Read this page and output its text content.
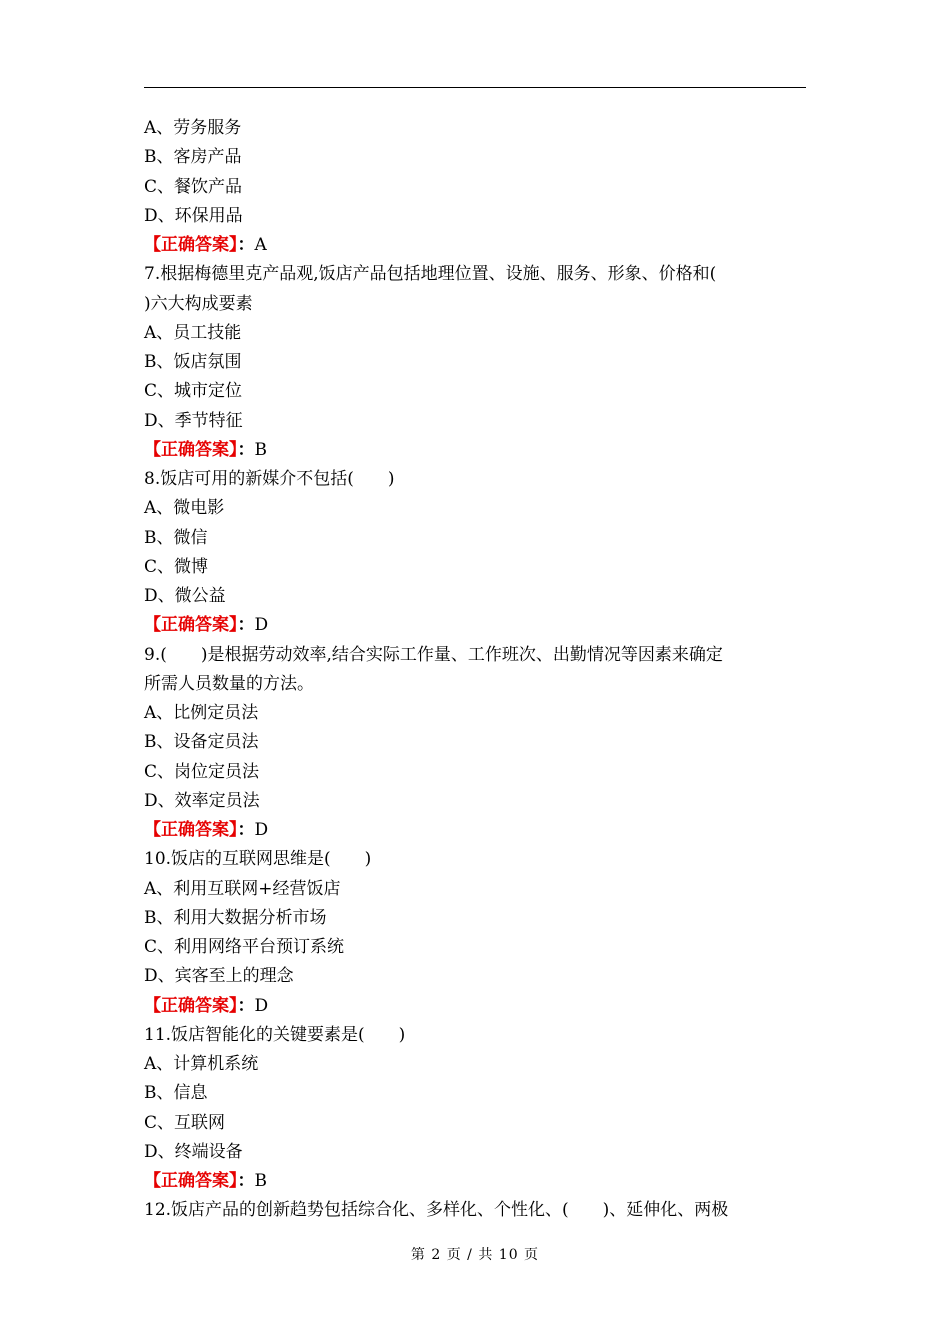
A、劳务服务
B、客房产品
C、餐饮产品
D、环保用品
【正确答案】：A
7.根据梅德里克产品观,饭店产品包括地理位置、设施、服务、形象、价格和(
)六大构成要素
A、员工技能
B、饭店氛围
C、城市定位
D、季节特征
【正确答案】：B
8.饭店可用的新媒介不包括(　　)
A、微电影
B、微信
C、微博
D、微公益
【正确答案】：D
9.(　　)是根据劳动效率,结合实际工作量、工作班次、出勤情况等因素来确定
所需人员数量的方法。
A、比例定员法
B、设备定员法
C、岗位定员法
D、效率定员法
【正确答案】：D
10.饭店的互联网思维是(　　)
A、利用互联网+经营饭店
B、利用大数据分析市场
C、利用网络平台预订系统
D、宾客至上的理念
【正确答案】：D
11.饭店智能化的关键要素是(　　)
A、计算机系统
B、信息
C、互联网
D、终端设备
【正确答案】：B
12.饭店产品的创新趋势包括综合化、多样化、个性化、(　　)、延伸化、两极
第 2 页 / 共 10 页
